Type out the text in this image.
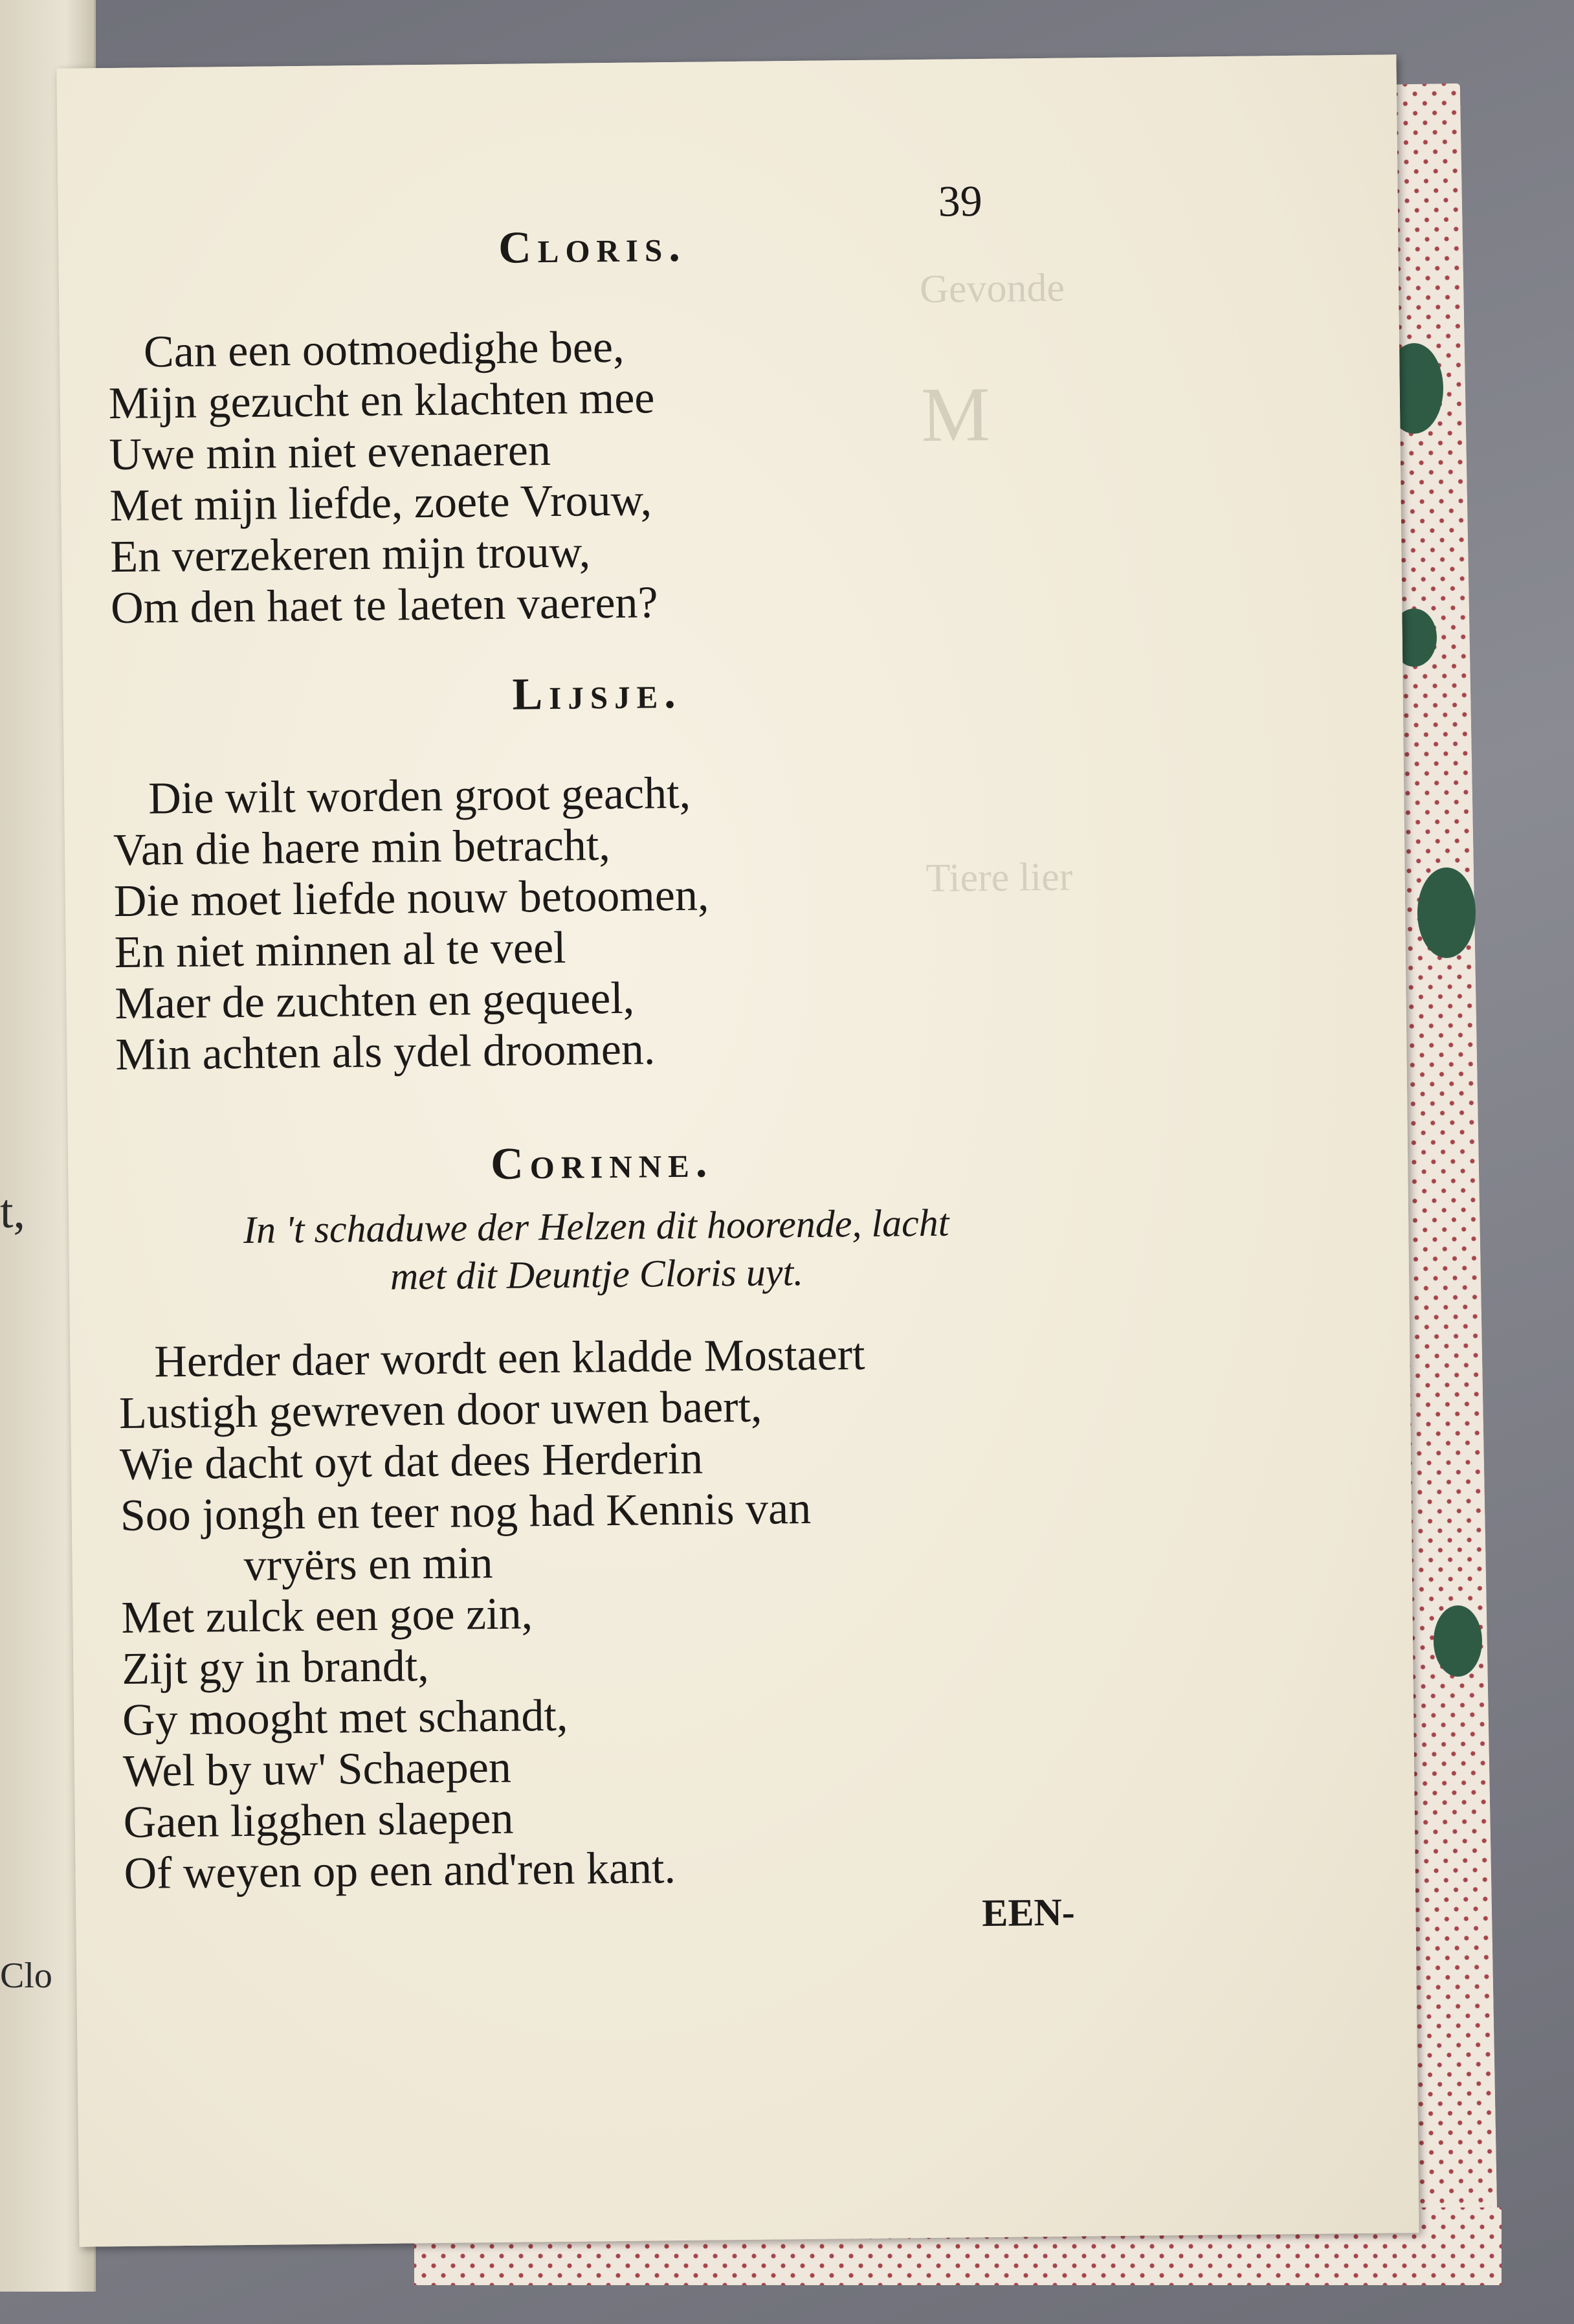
t,
Clo
Gevonde
M
Tiere lier
39
Cloris.
Can een ootmoedighe bee,
Mijn gezucht en klachten mee
Uwe min niet evenaeren
Met mijn liefde, zoete Vrouw,
En verzekeren mijn trouw,
Om den haet te laeten vaeren?
Lijsje.
Die wilt worden groot geacht,
Van die haere min betracht,
Die moet liefde nouw betoomen,
En niet minnen al te veel
Maer de zuchten en gequeel,
Min achten als ydel droomen.
Corinne.
In 't schaduwe der Helzen dit hoorende, lacht
met dit Deuntje Cloris uyt.
Herder daer wordt een kladde Mostaert
Lustigh gewreven door uwen baert,
Wie dacht oyt dat dees Herderin
Soo jongh en teer nog had Kennis van
vryërs en min
Met zulck een goe zin,
Zijt gy in brandt,
Gy mooght met schandt,
Wel by uw' Schaepen
Gaen ligghen slaepen
Of weyen op een and'ren kant.
EEN-
